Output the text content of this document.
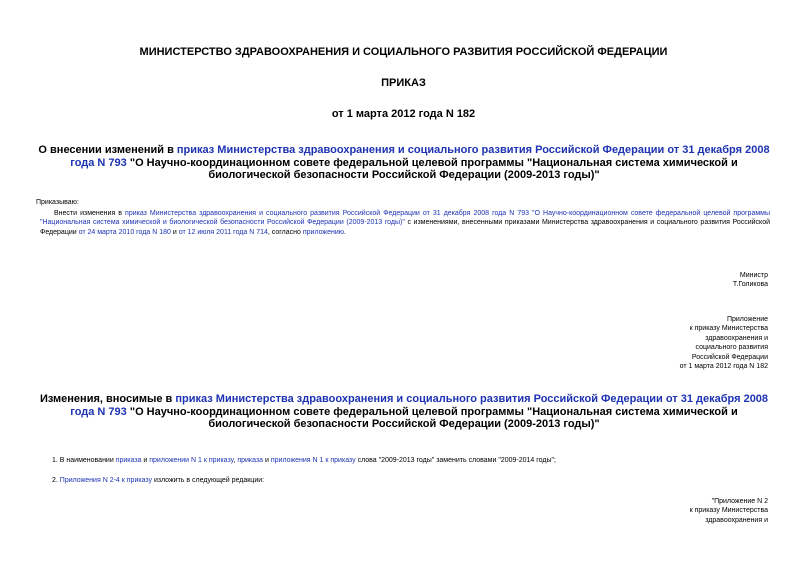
МИНИСТЕРСТВО ЗДРАВООХРАНЕНИЯ И СОЦИАЛЬНОГО РАЗВИТИЯ РОССИЙСКОЙ ФЕДЕРАЦИИ
ПРИКАЗ
от 1 марта 2012 года N 182
О внесении изменений в приказ Министерства здравоохранения и социального развития Российской Федерации от 31 декабря 2008 года N 793 "О Научно-координационном совете федеральной целевой программы "Национальная система химической и биологической безопасности Российской Федерации (2009-2013 годы)"
Приказываю:
Внести изменения в приказ Министерства здравоохранения и социального развития Российской Федерации от 31 декабря 2008 года N 793 "О Научно-координационном совете федеральной целевой программы "Национальная система химической и биологической безопасности Российской Федерации (2009-2013 годы)" с изменениями, внесенными приказами Министерства здравоохранения и социального развития Российской Федерации от 24 марта 2010 года N 180 и от 12 июля 2011 года N 714, согласно приложению.
Министр
Т.Голикова
Приложение
к приказу Министерства
здравоохранения и
социального развития
Российской Федерации
от 1 марта 2012 года N 182
Изменения, вносимые в приказ Министерства здравоохранения и социального развития Российской Федерации от 31 декабря 2008 года N 793 "О Научно-координационном совете федеральной целевой программы "Национальная система химической и биологической безопасности Российской Федерации (2009-2013 годы)"
1. В наименовании приказа и приложении N 1 к приказу, приказа и приложения N 1 к приказу слова "2009-2013 годы" заменить словами "2009-2014 годы";
2. Приложения N 2-4 к приказу изложить в следующей редакции:
"Приложение N 2
к приказу Министерства
здравоохранения и
